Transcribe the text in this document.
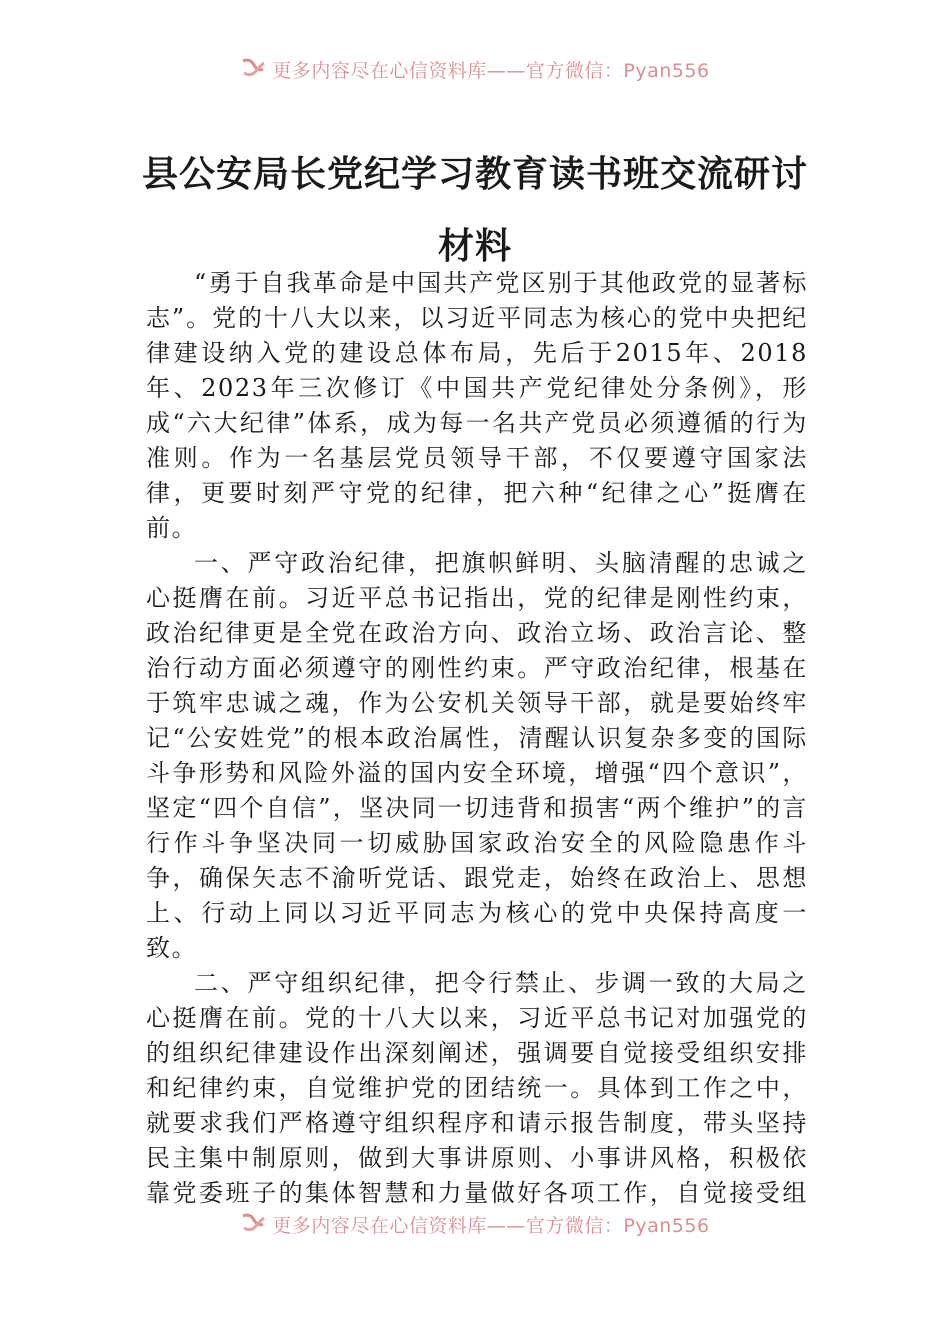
更多内容尽在心信资料库——官方微信：Pyan556
县公安局长党纪学习教育读书班交流研讨
材料

“勇于自我革命是中国共产党区别于其他政党的显著标志”。党的十八大以来，以习近平同志为核心的党中央把纪律建设纳入党的建设总体布局，先后于2015年、2018年、2023年三次修订《中国共产党纪律处分条例》，形成“六大纪律”体系，成为每一名共产党员必须遵循的行为准则。作为一名基层党员领导干部，不仅要遵守国家法律，更要时刻严守党的纪律，把六种“纪律之心”挺膺在前。

一、严守政治纪律，把旗帜鲜明、头脑清醒的忠诚之心挺膺在前。习近平总书记指出，党的纪律是刚性约束，政治纪律更是全党在政治方向、政治立场、政治言论、整治行动方面必须遵守的刚性约束。严守政治纪律，根基在于筑牢忠诚之魂，作为公安机关领导干部，就是要始终牢记“公安姓党”的根本政治属性，清醒认识复杂多变的国际斗争形势和风险外溢的国内安全环境，增强“四个意识”，坚定“四个自信”，坚决同一切违背和损害“两个维护”的言行作斗争坚决同一切威胁国家政治安全的风险隐患作斗争，确保矢志不渝听党话、跟党走，始终在政治上、思想上、行动上同以习近平同志为核心的党中央保持高度一致。

二、严守组织纪律，把令行禁止、步调一致的大局之心挺膺在前。党的十八大以来，习近平总书记对加强党的的组织纪律建设作出深刻阐述，强调要自觉接受组织安排和纪律约束，自觉维护党的团结统一。具体到工作之中，就要求我们严格遵守组织程序和请示报告制度，带头坚持民主集中制原则，做到大事讲原则、小事讲风格，积极依靠党委班子的集体智慧和力量做好各项工作，自觉接受组

更多内容尽在心信资料库——官方微信：Pyan556
